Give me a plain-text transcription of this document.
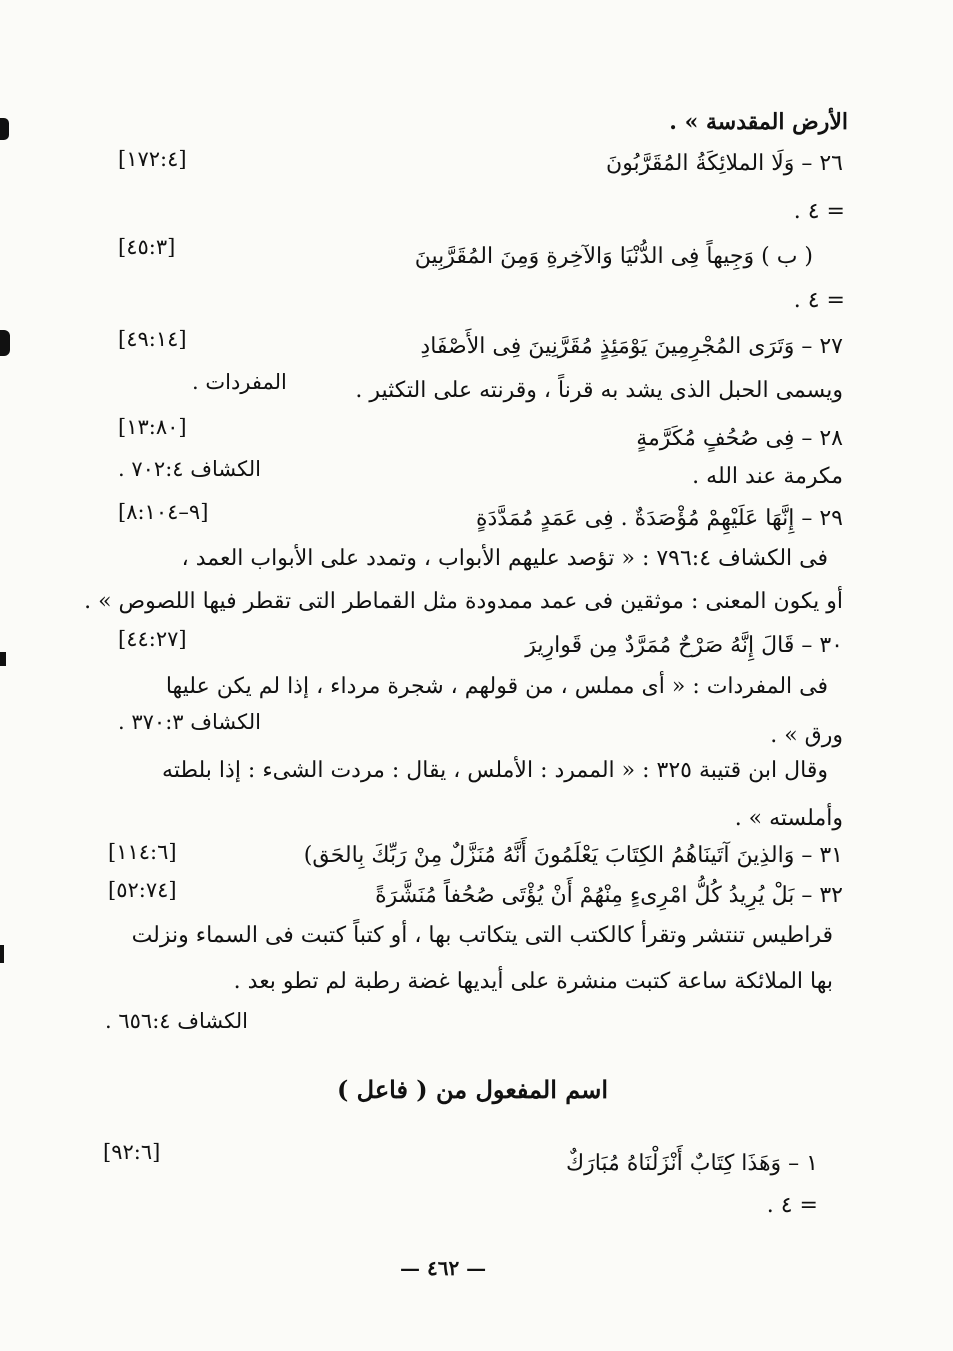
الأرض المقدسة » .
٢٦ – وَلَا الملائِكَةُ المُقَرَّبُونَ
= ٤ .
( ب ) وَجِيهاً فِى الدُّنْيَا وَالآخِرةِ وَمِنَ المُقَرَّبِينَ
= ٤ .
٢٧ – وَتَرَى المُجْرِمِينَ يَوْمَئِذٍ مُقَرَّنِينَ فِى الأَصْفَادِ
ويسمى الحبل الذى يشد به قرناً ، وقرنته على التكثير .
٢٨ – فِى صُحُفٍ مُكَرَّمةٍ
مكرمة عند الله .
٢٩ – إِنَّهَا عَلَيْهِمْ مُؤْصَدَةٌ . فِى عَمَدٍ مُمَدَّدَةٍ
فى الكشاف ٧٩٦:٤ : « تؤصد عليهم الأبواب ، وتمدد على الأبواب العمد ،
أو يكون المعنى : موثقين فى عمد ممدودة مثل القماطر التى تقطر فيها اللصوص » .
٣٠ – قَالَ إِنَّهُ صَرْحٌ مُمَرَّدٌ مِن قَوارِيرَ
فى المفردات : « أى مملس ، من قولهم ، شجرة مرداء ، إذا لم يكن عليها
ورق » .
وقال ابن قتيبة ٣٢٥ : « الممرد : الأملس ، يقال : مردت الشىء : إذا بلطته
وأملسته » .
٣١ – وَالذِينَ آتَينَاهُمُ الكِتَابَ يَعْلَمُونَ أَنَّهُ مُنَزَّلٌ مِنْ رَبِّكَ بِالحَق)
٣٢ – بَلْ يُرِيدُ كُلُّ امْرِىءٍ مِنْهُمْ أَنْ يُؤْتَى صُحُفاً مُنَشَّرَةً
قراطيس تنتشر وتقرأ كالكتب التى يتكاتب بها ، أو كتباً كتبت فى السماء ونزلت
بها الملائكة ساعة كتبت منشرة على أيديها غضة رطبة لم تطو بعد .
[١٧٢:٤]
[٤٥:٣]
[٤٩:١٤]
[١٣:٨٠]
[٩–٨:١٠٤]
[٤٤:٢٧]
[١١٤:٦]
[٥٢:٧٤]
المفردات .
الكشاف ٧٠٢:٤ .
الكشاف ٣٧٠:٣ .
الكشاف ٦٥٦:٤ .
اسم المفعول من ( فاعل )
١ – وَهَذَا كِتَابٌ أَنْزَلْنَاهُ مُبَارَكٌ
= ٤ .
[٩٢:٦]
— ٤٦٢ —
